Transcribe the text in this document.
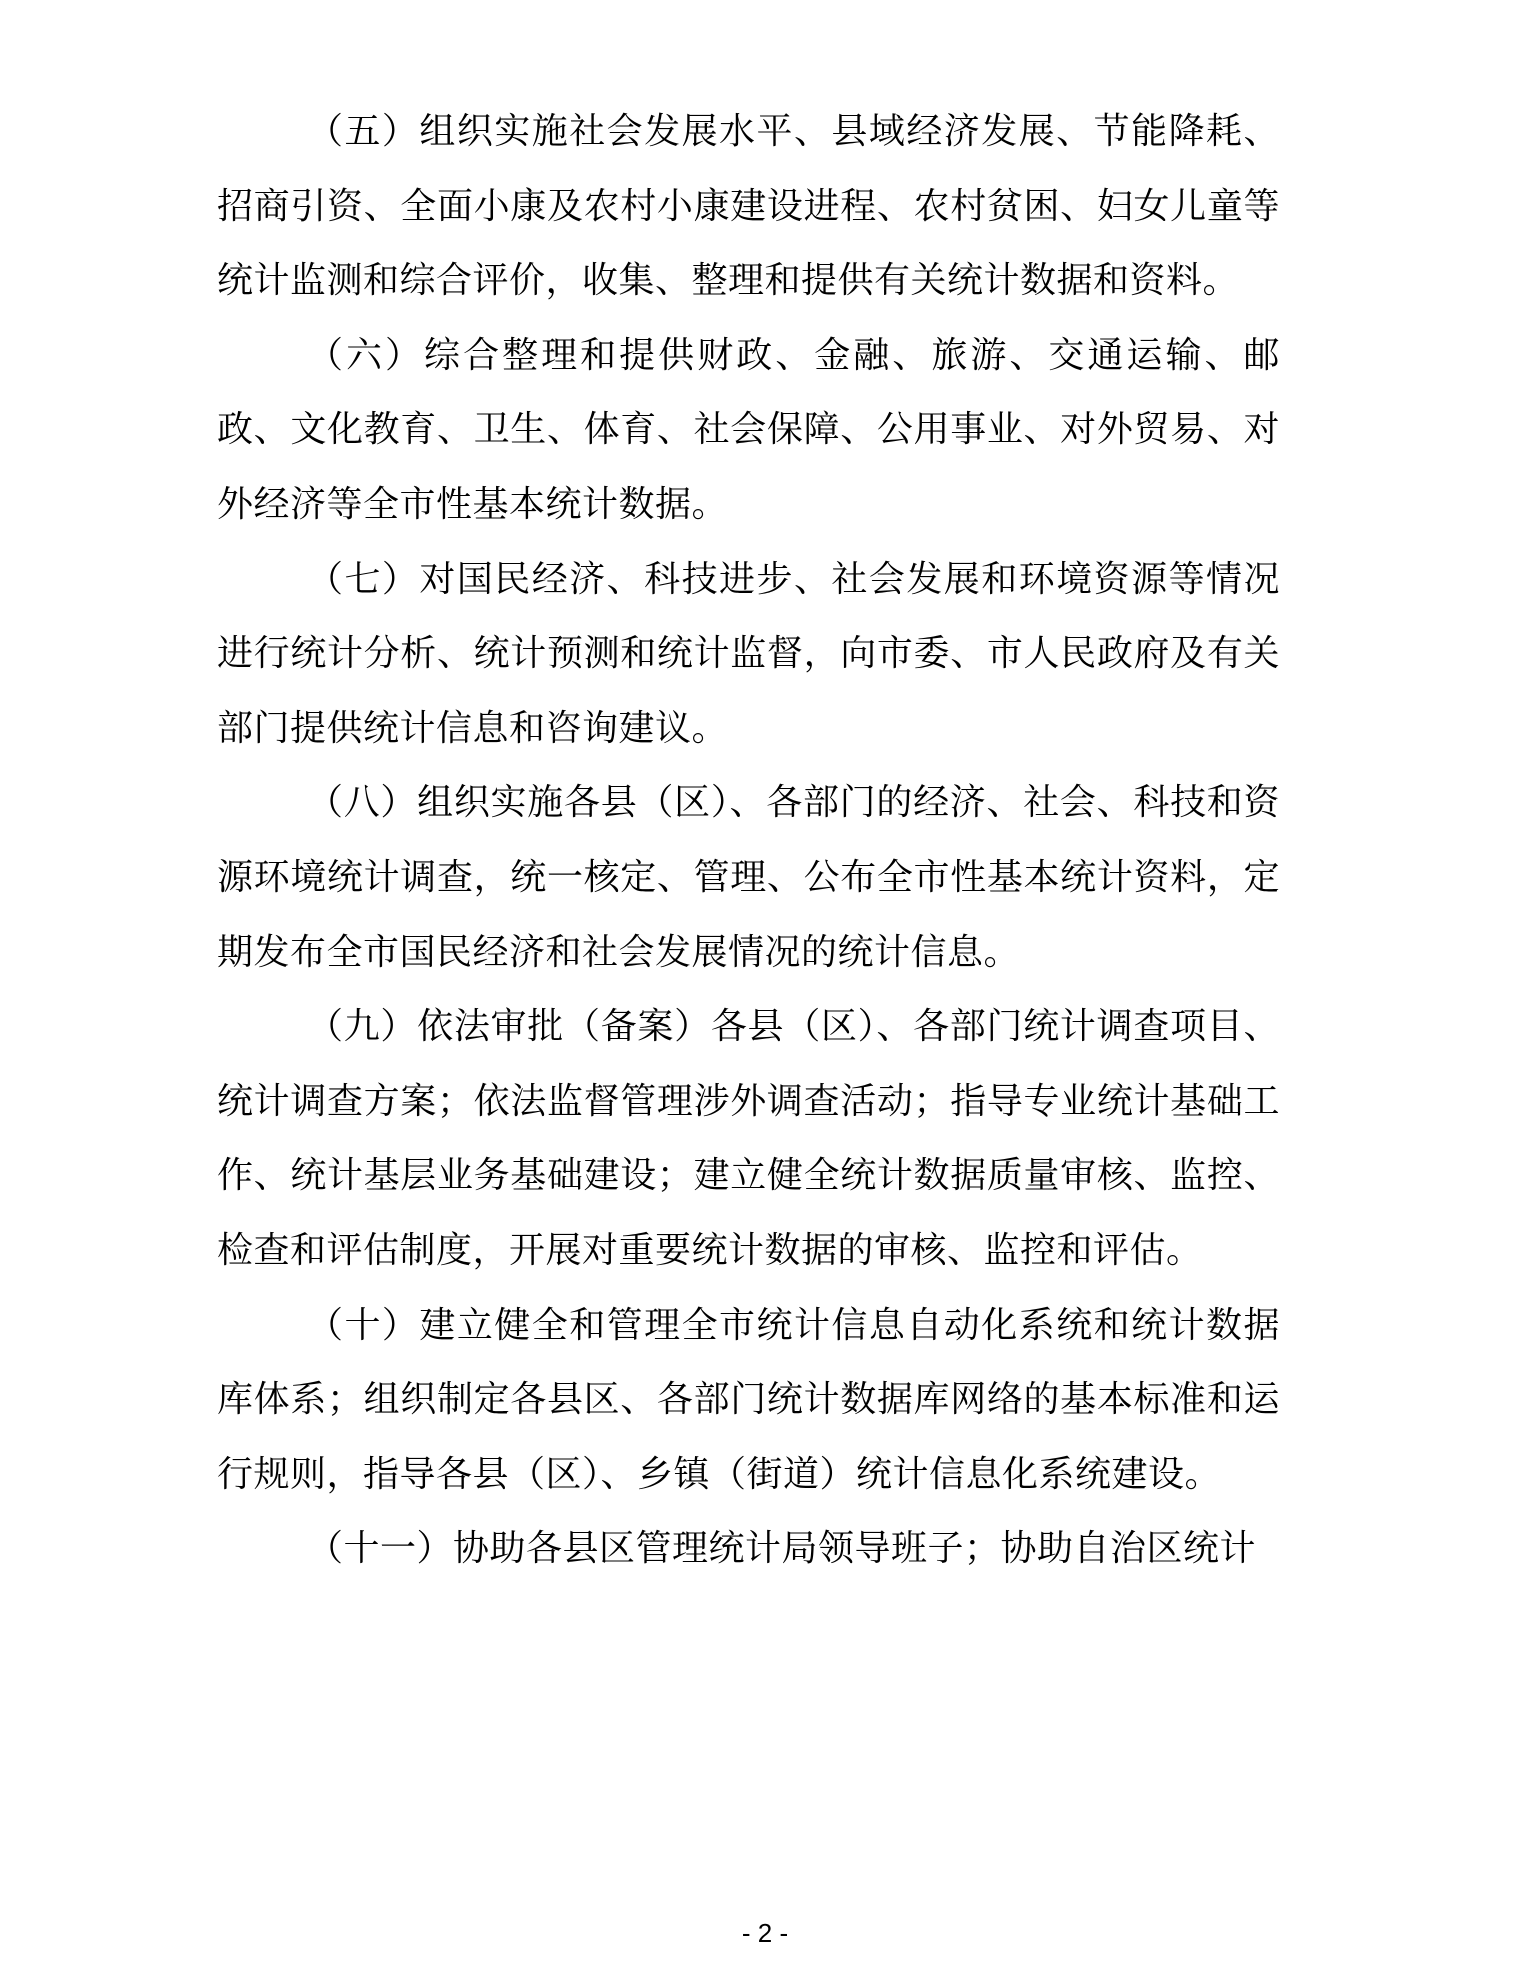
（五）组织实施社会发展水平、县域经济发展、节能降耗、招商引资、全面小康及农村小康建设进程、农村贫困、妇女儿童等统计监测和综合评价，收集、整理和提供有关统计数据和资料。

（六）综合整理和提供财政、金融、旅游、交通运输、邮政、文化教育、卫生、体育、社会保障、公用事业、对外贸易、对外经济等全市性基本统计数据。

（七）对国民经济、科技进步、社会发展和环境资源等情况进行统计分析、统计预测和统计监督，向市委、市人民政府及有关部门提供统计信息和咨询建议。

（八）组织实施各县（区）、各部门的经济、社会、科技和资源环境统计调查，统一核定、管理、公布全市性基本统计资料，定期发布全市国民经济和社会发展情况的统计信息。

（九）依法审批（备案）各县（区）、各部门统计调查项目、统计调查方案；依法监督管理涉外调查活动；指导专业统计基础工作、统计基层业务基础建设；建立健全统计数据质量审核、监控、检查和评估制度，开展对重要统计数据的审核、监控和评估。

（十）建立健全和管理全市统计信息自动化系统和统计数据库体系；组织制定各县区、各部门统计数据库网络的基本标准和运行规则，指导各县（区）、乡镇（街道）统计信息化系统建设。

（十一）协助各县区管理统计局领导班子；协助自治区统计

- 2 -
